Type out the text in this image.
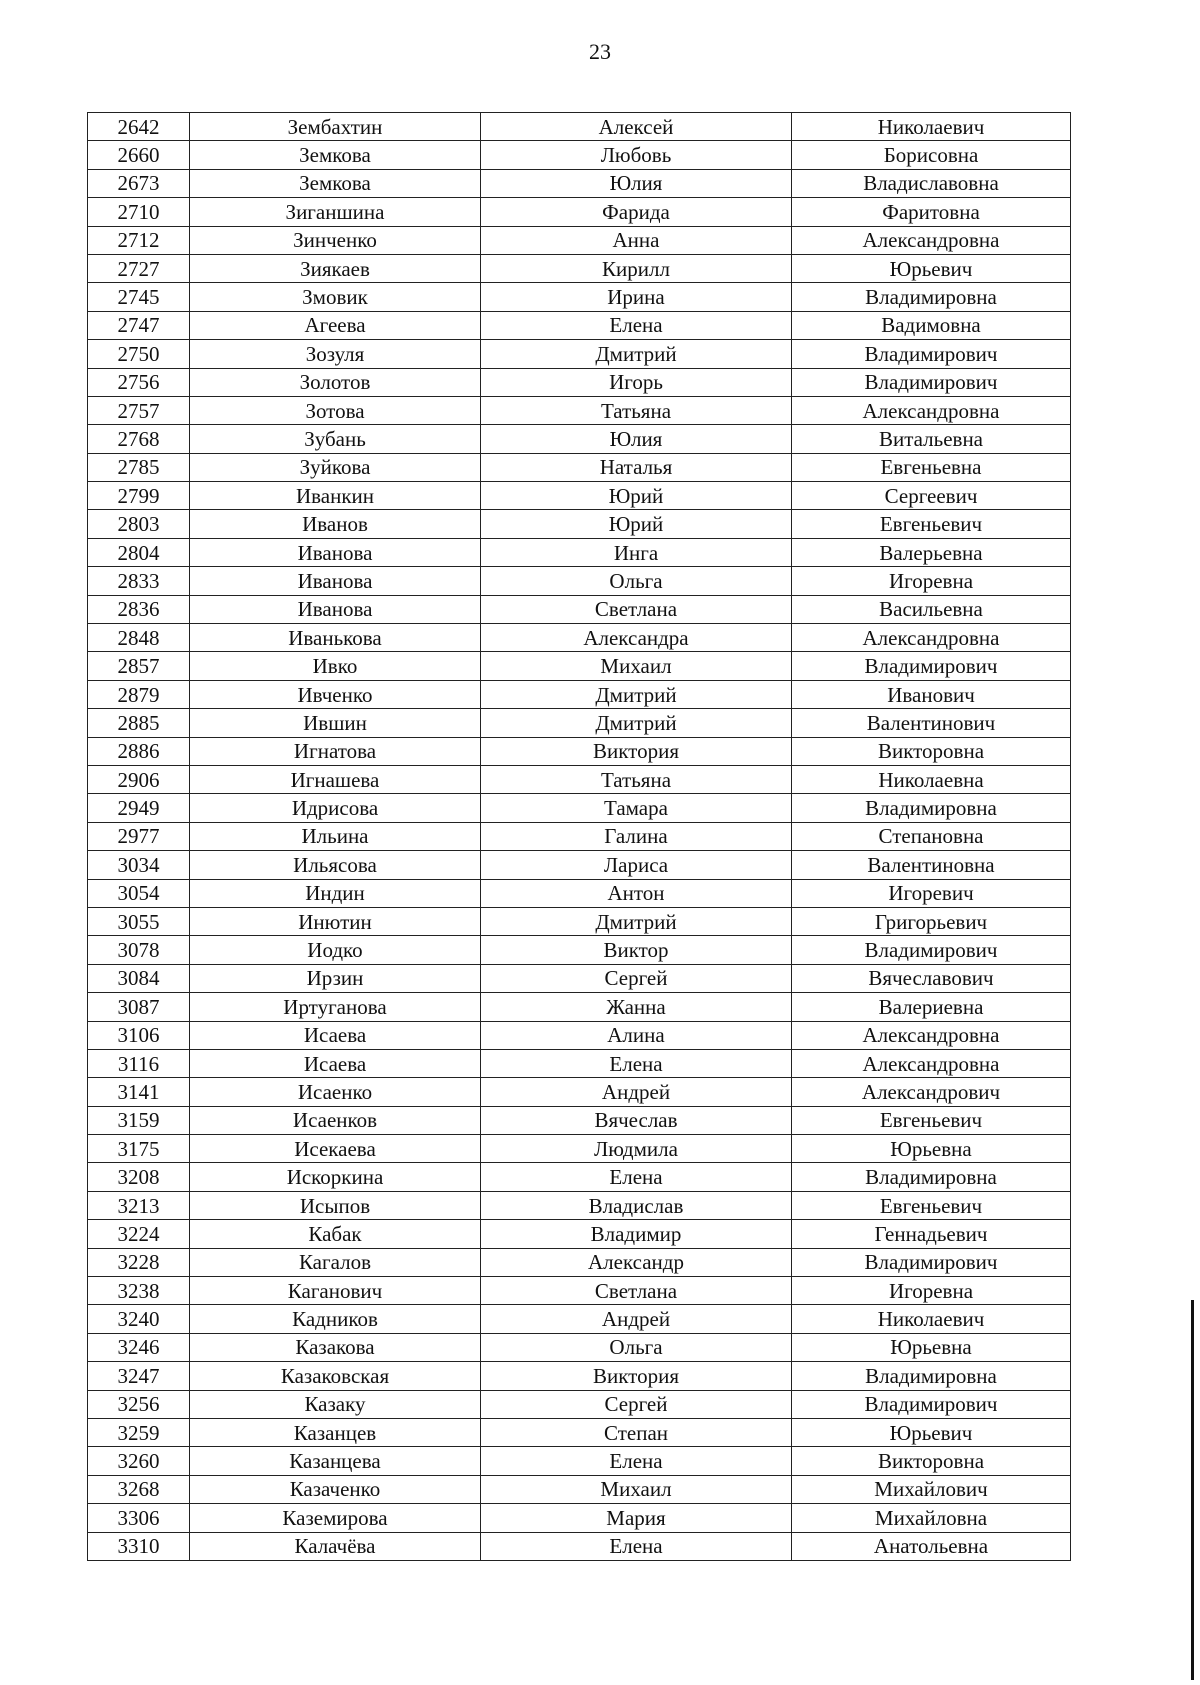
23
2642	Зембахтин	Алексей	Николаевич
2660	Земкова	Любовь	Борисовна
2673	Земкова	Юлия	Владиславовна
2710	Зиганшина	Фарида	Фаритовна
2712	Зинченко	Анна	Александровна
2727	Зиякаев	Кирилл	Юрьевич
2745	Змовик	Ирина	Владимировна
2747	Агеева	Елена	Вадимовна
2750	Зозуля	Дмитрий	Владимирович
2756	Золотов	Игорь	Владимирович
2757	Зотова	Татьяна	Александровна
2768	Зубань	Юлия	Витальевна
2785	Зуйкова	Наталья	Евгеньевна
2799	Иванкин	Юрий	Сергеевич
2803	Иванов	Юрий	Евгеньевич
2804	Иванова	Инга	Валерьевна
2833	Иванова	Ольга	Игоревна
2836	Иванова	Светлана	Васильевна
2848	Иванькова	Александра	Александровна
2857	Ивко	Михаил	Владимирович
2879	Ивченко	Дмитрий	Иванович
2885	Ившин	Дмитрий	Валентинович
2886	Игнатова	Виктория	Викторовна
2906	Игнашева	Татьяна	Николаевна
2949	Идрисова	Тамара	Владимировна
2977	Ильина	Галина	Степановна
3034	Ильясова	Лариса	Валентиновна
3054	Индин	Антон	Игоревич
3055	Инютин	Дмитрий	Григорьевич
3078	Иодко	Виктор	Владимирович
3084	Ирзин	Сергей	Вячеславович
3087	Иртуганова	Жанна	Валериевна
3106	Исаева	Алина	Александровна
3116	Исаева	Елена	Александровна
3141	Исаенко	Андрей	Александрович
3159	Исаенков	Вячеслав	Евгеньевич
3175	Исекаева	Людмила	Юрьевна
3208	Искоркина	Елена	Владимировна
3213	Исыпов	Владислав	Евгеньевич
3224	Кабак	Владимир	Геннадьевич
3228	Кагалов	Александр	Владимирович
3238	Каганович	Светлана	Игоревна
3240	Кадников	Андрей	Николаевич
3246	Казакова	Ольга	Юрьевна
3247	Казаковская	Виктория	Владимировна
3256	Казаку	Сергей	Владимирович
3259	Казанцев	Степан	Юрьевич
3260	Казанцева	Елена	Викторовна
3268	Казаченко	Михаил	Михайлович
3306	Каземирова	Мария	Михайловна
3310	Калачёва	Елена	Анатольевна
